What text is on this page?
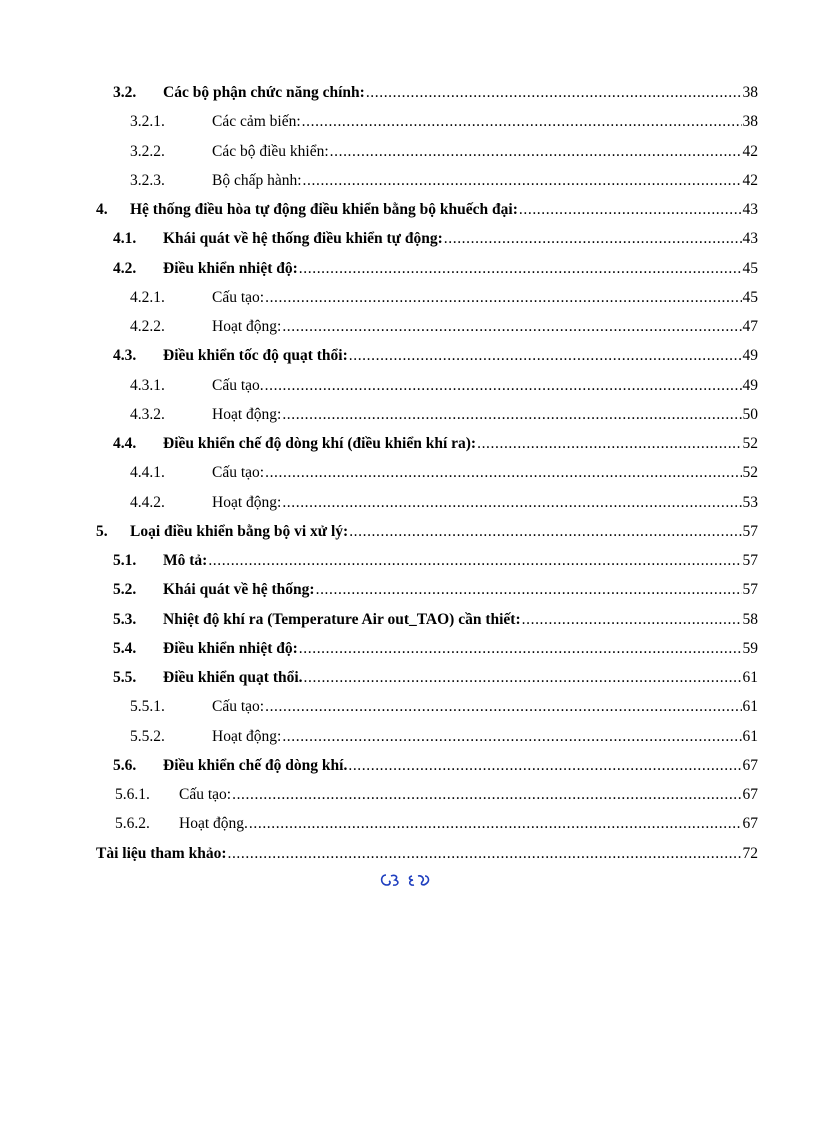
3.2.	Các bộ phận chức năng chính: .....	38
3.2.1.	Các cảm biến: .....	38
3.2.2.	Các bộ điều khiển: .....	42
3.2.3.	Bộ chấp hành: .....	42
4.	Hệ thống điều hòa tự động điều khiển bằng bộ khuếch đại: .....	43
4.1.	Khái quát về hệ thống điều khiển tự động: .....	43
4.2.	Điều khiển nhiệt độ: .....	45
4.2.1.	Cấu tạo: .....	45
4.2.2.	Hoạt động: .....	47
4.3.	Điều khiển tốc độ quạt thổi: .....	49
4.3.1.	Cấu tạo. .....	49
4.3.2.	Hoạt động: .....	50
4.4.	Điều khiển chế độ dòng khí (điều khiển khí ra): .....	52
4.4.1.	Cấu tạo: .....	52
4.4.2.	Hoạt động: .....	53
5.	Loại điều khiển bằng bộ vi xử lý: .....	57
5.1.	Mô tả: .....	57
5.2.	Khái quát về hệ thống: .....	57
5.3.	Nhiệt độ khí ra (Temperature Air out_TAO) cần thiết: .....	58
5.4.	Điều khiển nhiệt độ: .....	59
5.5.	Điều khiển quạt thổi. .....	61
5.5.1.	Cấu tạo: .....	61
5.5.2.	Hoạt động: .....	61
5.6.	Điều khiển chế độ dòng khí. .....	67
5.6.1.	Cấu tạo: .....	67
5.6.2.	Hoạt động. .....	67
Tài liệu tham khảo: .....	72
